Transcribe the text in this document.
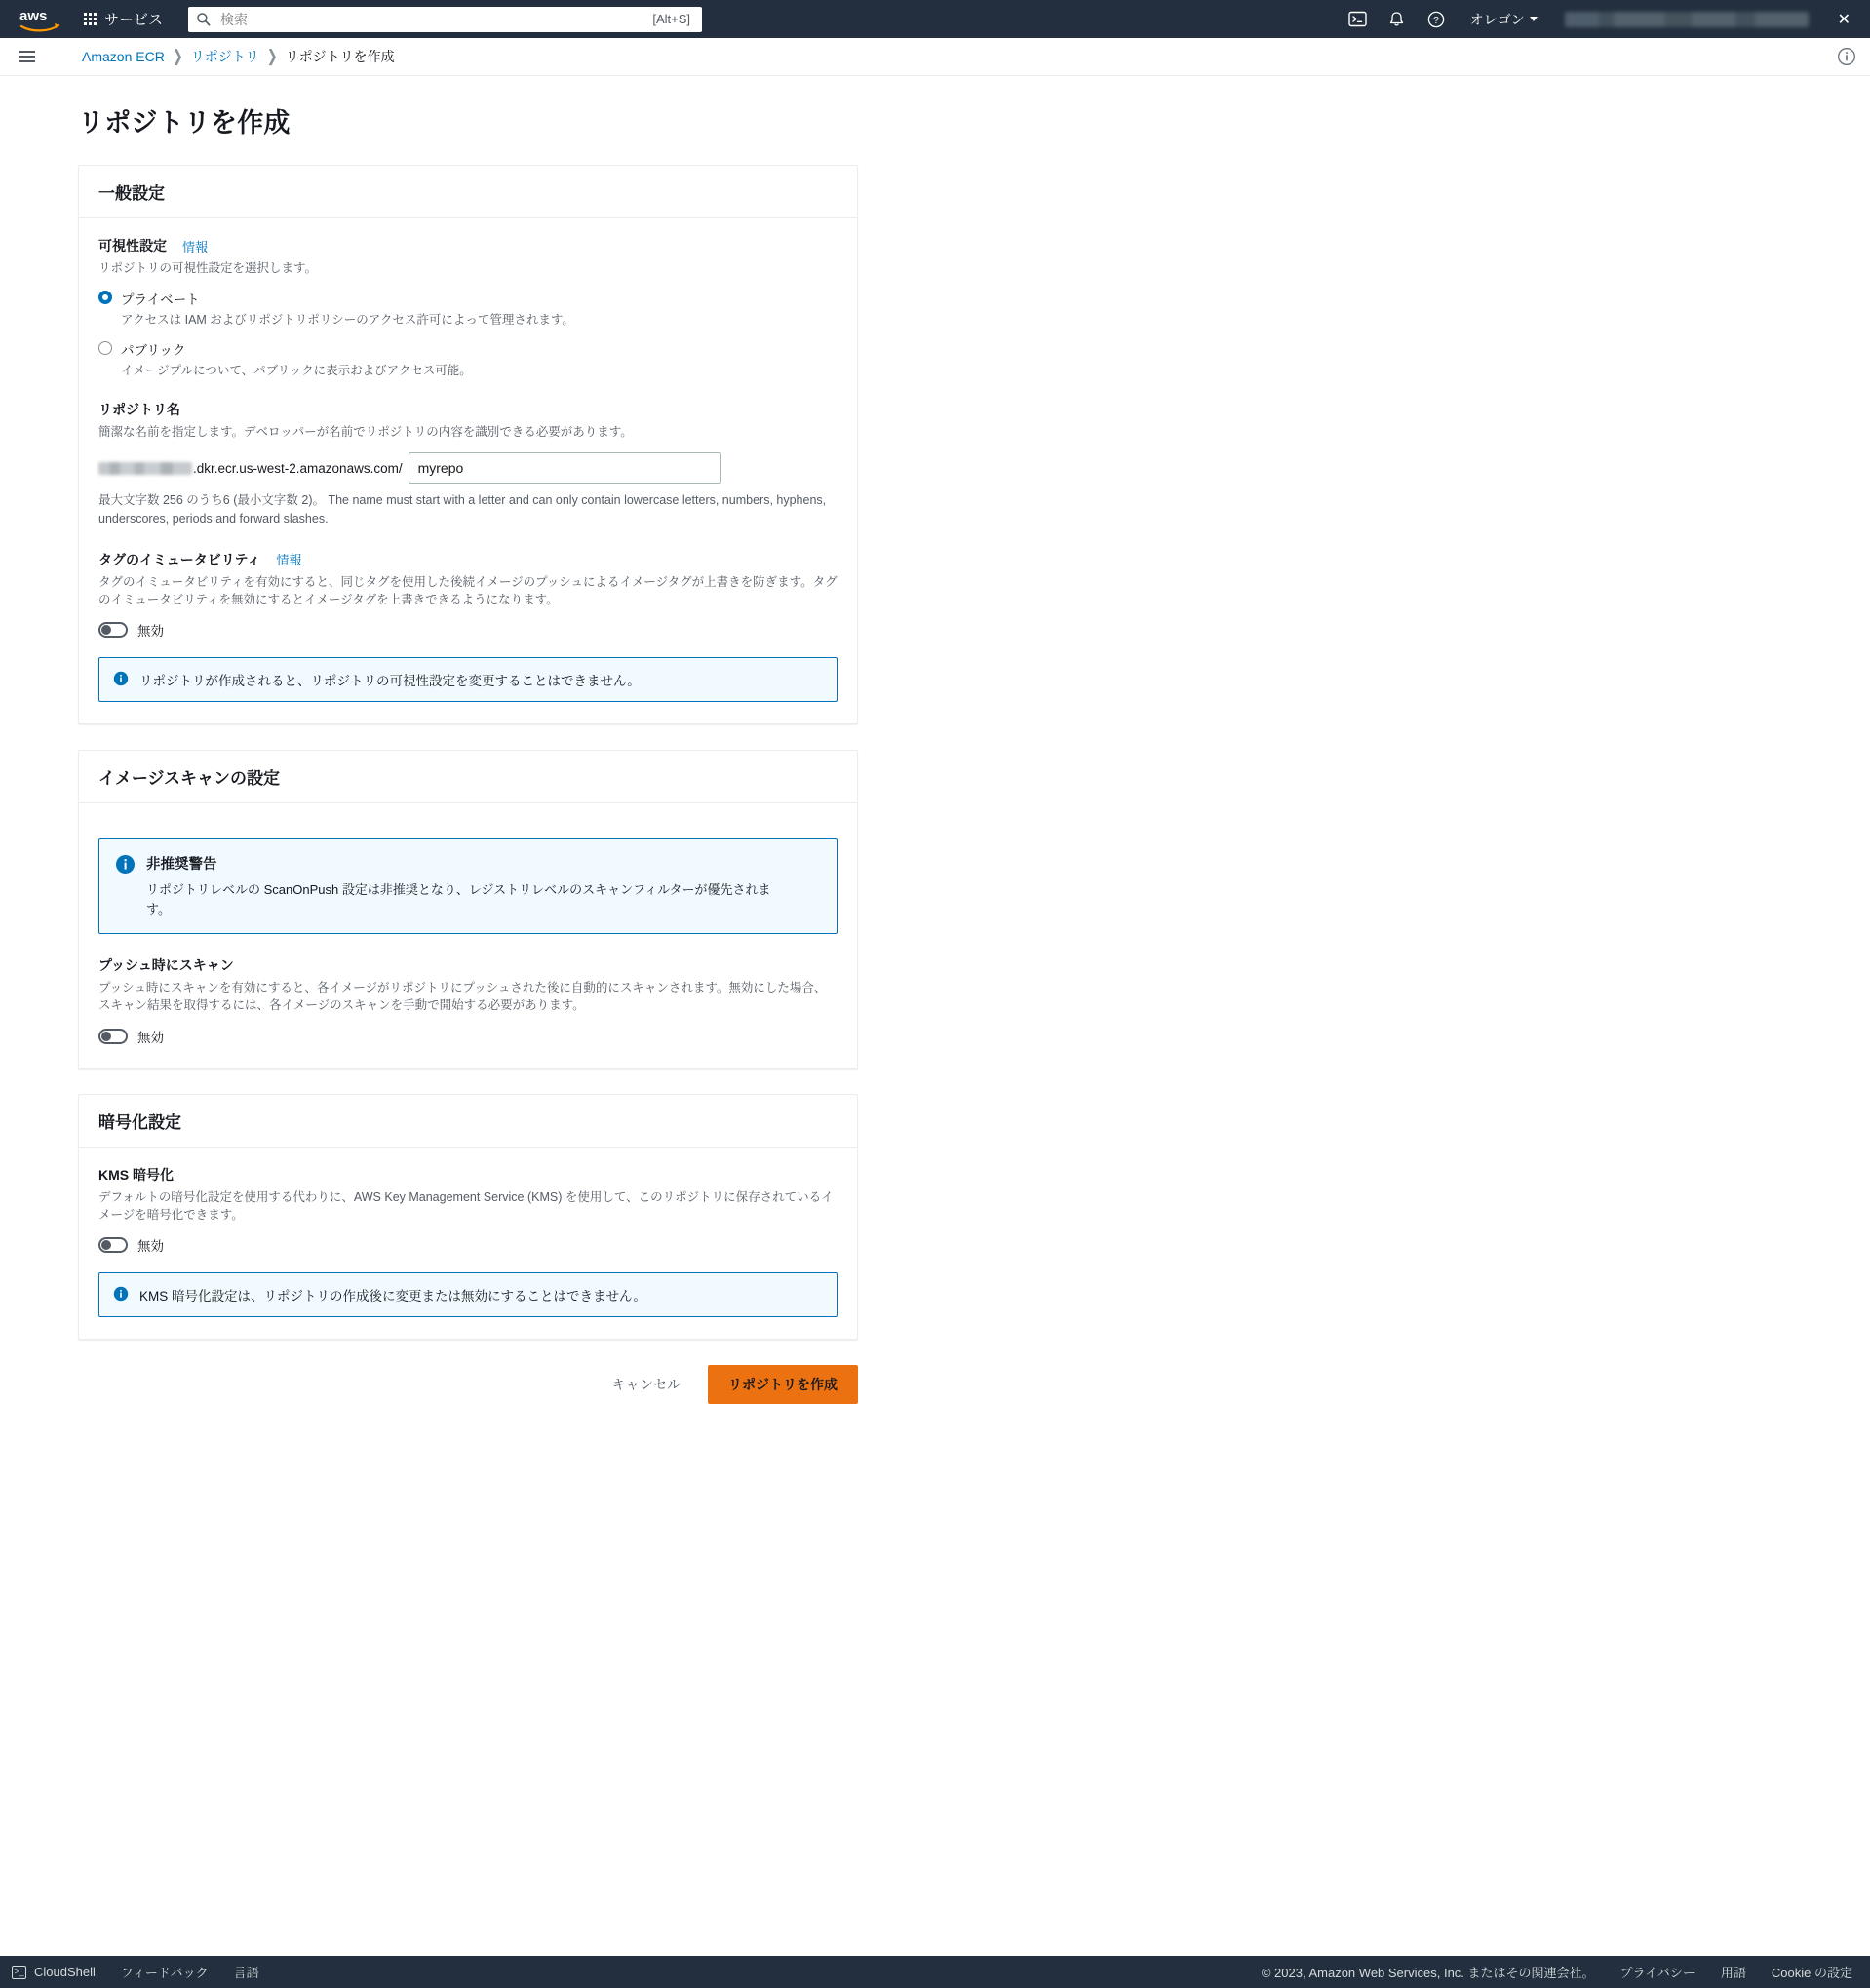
aws	サービス
検索	[Alt+S]	? オレゴン	✕
Amazon ECR ❯ リポジトリ ❯ リポジトリを作成
リポジトリを作成
一般設定
可視性設定 情報
リポジトリの可視性設定を選択します。
プライベート
アクセスは IAM およびリポジトリポリシーのアクセス許可によって管理されます。
パブリック
イメージプルについて、パブリックに表示およびアクセス可能。
リポジトリ名
簡潔な名前を指定します。デベロッパーが名前でリポジトリの内容を識別できる必要があります。
.dkr.ecr.us-west-2.amazonaws.com/
myrepo
最大文字数 256 のうち6 (最小文字数 2)。 The name must start with a letter and can only contain lowercase letters, numbers, hyphens, underscores, periods and forward slashes.
タグのイミュータビリティ 情報
タグのイミュータビリティを有効にすると、同じタグを使用した後続イメージのプッシュによるイメージタグが上書きを防ぎます。タグのイミュータビリティを無効にするとイメージタグを上書きできるようになります。
無効
リポジトリが作成されると、リポジトリの可視性設定を変更することはできません。
イメージスキャンの設定
非推奨警告
リポジトリレベルの ScanOnPush 設定は非推奨となり、レジストリレベルのスキャンフィルターが優先されます。
プッシュ時にスキャン
プッシュ時にスキャンを有効にすると、各イメージがリポジトリにプッシュされた後に自動的にスキャンされます。無効にした場合、スキャン結果を取得するには、各イメージのスキャンを手動で開始する必要があります。
無効
暗号化設定
KMS 暗号化
デフォルトの暗号化設定を使用する代わりに、AWS Key Management Service (KMS) を使用して、このリポジトリに保存されているイメージを暗号化できます。
無効
KMS 暗号化設定は、リポジトリの作成後に変更または無効にすることはできません。
キャンセル	リポジトリを作成
>_ CloudShell フィードバック 言語	© 2023, Amazon Web Services, Inc. またはその関連会社。 プライバシー 用語 Cookie の設定
